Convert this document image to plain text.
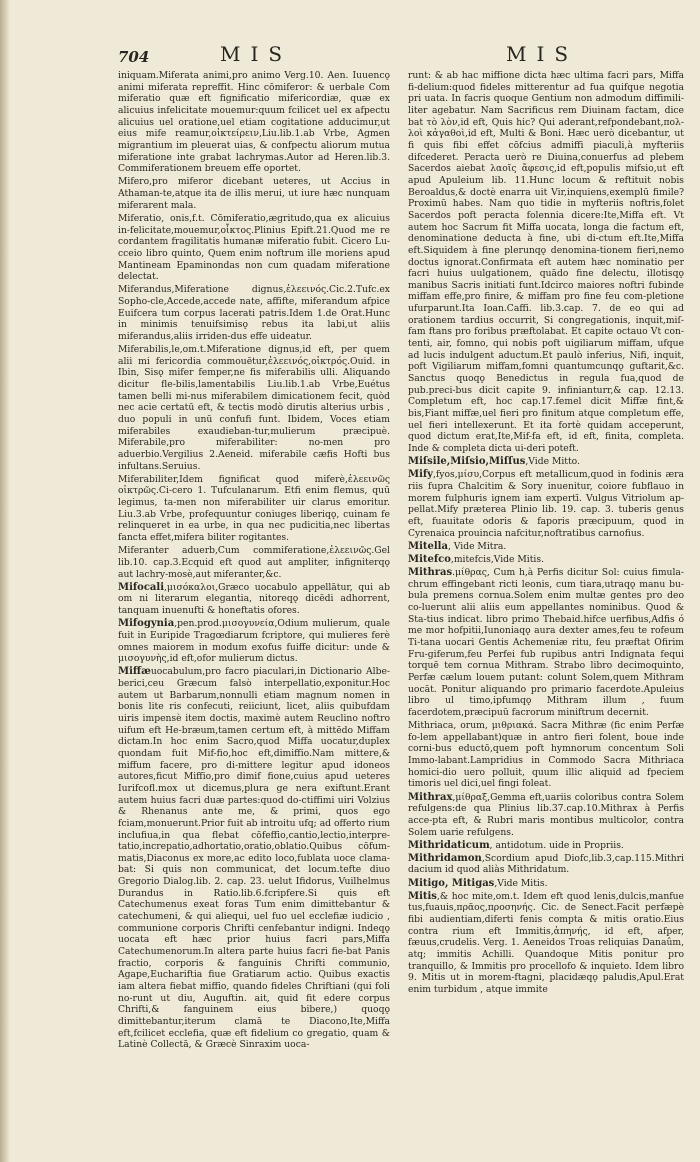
704	MIS	MIS

iniquam.Miferata animi,pro animo Verg.10. Aen. Iuuencǫ animi miferata repreffit. Hinc cōmiferor: & uerbale Com miferatio quæ eft fignificatio mifericordiæ, quæ ex alicuius infelicitate mouemur:quum fcilicet uel ex afpectu alicuius uel oratione,uel etiam cogitatione adducimur,ut eius mife reamur,οἰκτείρειν,Liu.lib.1.ab Vrbe, Agmen migrantium im pleuerat uias, & confpectu aliorum mutua miferatione inte grabat lachrymas.Autor ad Heren.lib.3. Commiferationem breuem effe oportet.

Mifero,pro miferor dicebant ueteres, ut Accius in Athaman-te,atque ita de illis merui, ut iure hæc nunquam miferarent mala.

Miferatio, onis,f.t. Cōmiferatio,ægritudo,qua ex alicuius in-felicitate,mouemur,οἶκτος.Plinius Epift.21.Quod me re cordantem fragilitatis humanæ miferatio fubit. Cicero Lu-cceio libro quinto, Quem enim noftrum ille moriens apud Mantineam Epaminondas non cum quadam miferatione delectat.

Miferandus,Miferatione dignus,ἐλεεινός.Cic.2.Tufc.ex Sopho-cle,Accede,accede nate, affifte, miferandum afpice Euifcera tum corpus lacerati patris.Idem 1.de Orat.Hunc in minimis tenuifsimisǫ rebus ita labi,ut aliis miferandus,aliis irriden-dus effe uideatur.

Miferabilis,le,om.t.Miferatione dignus,id eft, per quem alii mi fericordia commouētur,ἐλεεινός,οἰκτρός.Ouid. in Ibin, Sisǫ mifer femper,ne fis miferabilis ulli. Aliquando dicitur fle-bilis,lamentabilis Liu.lib.1.ab Vrbe,Euétus tamen belli mi-nus miferabilem dimicationem fecit, quòd nec acie certatū eft, & tectis modò dirutis alterius urbis , duo populi in unū confufi funt. Ibidem, Voces etiam miferabiles exaudieban-tur,mulierum præcipuè. Miferabile,pro miferabiliter: no-men pro aduerbio.Vergilius 2.Aeneid. miferabile cæfis Hofti bus infultans.Seruius.

Miferabiliter,Idem fignificat quod miferè,ἐλεεινῶς οἰκτρῶς.Ci-cero 1. Tufculanarum. Etfi enim flemus, quū legimus, ta-men non miferabiliter uir clarus emoritur. Liu.3.ab Vrbe, profequuntur coniuges liberiqǫ, cuinam fe relinqueret in ea urbe, in qua nec pudicitia,nec libertas fancta effet,mifera biliter rogitantes.

Miferanter aduerb,Cum commiferatione,ἐλεεινῶς.Gel lib.10. cap.3.Ecquid eft quod aut ampliter, infigniterqǫ aut lachry-mosè,aut miferanter,&c.

Mifocali,μισόκαλοι,Græco uocabulo appellātur, qui ab om ni literarum elegantia, nitoreqǫ dicēdi adhorrent, tanquam inuenufti & honeftatis ofores.

Mifogynia,pen.prod.μισογυνεία,Odium mulierum, quale fuit in Euripide Tragœdiarum fcriptore, qui mulieres ferè omnes maiorem in modum exofus fuiffe dicitur: unde & μισογυνὴς,id eft,ofor mulierum dictus.

Miffæuocabulum,pro facro piaculari,in Dictionario Albe-berici,ceu Græcum falsò interpellatio,exponitur.Hoc autem ut Barbarum,nonnulli etiam magnum nomen in bonis lite ris confecuti, reiiciunt, licet, aliis quibufdam uiris impensè item doctis, maximè autem Reuclino noftro uifum eft He-bræum,tamen certum eft, à mittēdo Miffam dictam.In hoc enim Sacro,quod Miffa uocatur,duplex quondam fuit Mif-fio,hoc eft,dimiffio.Nam mittere,& miffum facere, pro di-mittere legitur apud idoneos autores,ficut Miffio,pro dimif fione,cuius apud ueteres Iurifcofl.mox ut dicemus,plura ge nera exiftunt.Erant autem huius facri duæ partes:quod do-ctiffimi uiri Volzius & Rhenanus ante me, & primi, quos ego fciam,monuerunt.Prior fuit ab introitu ufq; ad offerto rium inclufiua,in qua flebat cōfeffio,cantio,lectio,interpre-tatio,increpatio,adhortatio,oratio,oblatio.Quibus cōfum-matis,Diaconus ex more,ac edito loco,fublata uoce clama-bat: Si quis non communicat, det locum.tefte diuo Gregorio Dialog.lib. 2. cap. 23. uelut Ifidorus, Vuilhelmus Durandus in Ratio.lib.6.fcripfere.Si quis eft Catechumenus exeat foras Tum enim dimittebantur & catechumeni, & qui aliequi, uel fuo uel ecclefiæ iudicio , communione corporis Chrifti cenfebantur indigni. Indeqǫ uocata eft hæc prior huius facri pars,Miffa Catechumenorum.In altera parte huius facri fie-bat Panis fractio, corporis & fanguinis Chrifti communio, Agape,Euchariftia fiue Gratiarum actio. Quibus exactis iam altera fiebat miffio, quando fideles Chriftiani (qui foli no-runt ut diu, Auguftin. ait, quid fit edere corpus Chrifti,& fanguinem eius bibere,) quoqǫ dimittebantur,iterum clamā te Diacono,Ite,Miffa eft,fcilicet ecclefia, quæ eft fidelium co gregatio, quam & Latinè Collectā, & Græcè Sinraxim uoca-

runt: & ab hac miffione dicta hæc ultima facri pars, Miffa fi-delium:quod fideles mitterentur ad fua quifque negotia pri uata. In facris quoque Gentium non admodum diffimili-liter agebatur. Nam Sacrificus rem Diuinam factam, dice bat τὸ λὸν,id eft, Quis hic? Qui aderant,refpondebant,πολ-λοὶ κἀγαθοὶ,id eft, Multi & Boni. Hæc uerò dicebantur, ut fi quis fibi effet cōfcius admiffi piaculi,à myfteriis difcederet. Peracta uerò re Diuina,conuerfus ad plebem Sacerdos aiebat λαοῖς ἄφεσις,id eft,populis mifsio,ut eft apud Apuleium lib. 11.Hunc locum & reftituit nobis Beroaldus,& doctè enarra uit Vir,inquiens,exemplū fimile? Proximū habes. Nam quo tidie in myfteriis noftris,folet Sacerdos poft peracta folennia dicere:Ite,Miffa eft. Vt autem hoc Sacrum fit Miffa uocata, longa die factum eft, denominatione deducta à fine, ubi di-ctum eft.Ite,Miffa eft.Siquidem à fine plerunqǫ denomina-tionem fieri,nemo doctus ignorat.Confirmata eft autem hæc nominatio per facri huius uulgationem, quādo fine delectu, illotisqǫ manibus Sacris initiati funt.Idcirco maiores noftri fubinde miffam effe,pro finire, & miffam pro fine feu com-pletione ufurparunt.Ita Ioan.Caffi. lib.3.cap. 7. de eo qui ad orationem tardius occurrit, Si congregationis, inquit,miſ-fam ftans pro foribus præftolabat. Et capite octauo Vt con-tenti, air, fomno, qui nobis poft uigiliarum miffam, ufque ad lucis indulgent aductum.Et paulò inferius, Nifi, inquit, poft Vigiliarum miffam,fomni quantumcunqǫ guftarit,&c. Sanctus quoqǫ Benedictus in regula fua,quod de pub.preci-bus dicit capite 9. infinianturr,& cap. 12.13. Completum eft, hoc cap.17.femel dicit Miffæ fint,& bis,Fiant miffæ,uel fieri pro finitum atque completum effe, uel fieri intellexerunt. Et ita fortè quidam acceperunt, quod dictum erat,Ite,Mif-fa eft, id eft, finita, completa. Inde & completa dicta ui-deri poteft.

Miſsile,Miſsio,Miſſus,Vide Mitto.

Mify,fyos,μίσυ,Corpus eft metallicum,quod in fodinis æra riis fupra Chalcitim & Sory inuenitur, coiore fubflauo in morem fulphuris ignem iam expertī. Vulgus Vitriolum ap-pellat.Mify præterea Plinio lib. 19. cap. 3. tuberis genus eft, fuauitate odoris & faporis præcipuum, quod in Cyrenaica prouincia nafcitur,noftratibus carnofius.

Mitella, Vide Mitra.

Mitefco,mitefcis,Vide Mitis.

Mithras.μίθρας, Cum h,à Perfis dicitur Sol: cuius fimula-chrum effingebant ricti leonis, cum tiara,utraqǫ manu bu-bula premens cornua.Solem enim multæ gentes pro deo co-luerunt alii aliis eum appellantes nominibus. Quod & Sta-tius indicat. libro primo Thebaid.hifce uerfibus,Adfis ó me mor hofpitii,Iunoniaqǫ aura dexter ames,feu te rofeum Ti-tana uocari Gentis Achemeniæ ritu, feu præftat Ofirim Fru-giferum,feu Perfei fub rupibus antri Indignata fequi torquē tem cornua Mithram. Strabo libro decimoquinto, Perfæ cælum louem putant: colunt Solem,quem Mithram uocāt. Ponitur aliquando pro primario facerdote.Apuleius libro ul timo,ipfumqǫ Mithram illum , fuum facerdotem,præcipuū facrorum miniftrum decernit.

Mithriaca, orum, μιθριακά. Sacra Mithræ (fic enim Perfæ fo-lem appellabant)quæ in antro fieri folent, boue inde corni-bus eductō,quem poft hymnorum concentum Soli Immo-labant.Lampridius in Commodo Sacra Mithriaca homici-dio uero polluit, quum illic aliquid ad fpeciem timoris uel dici,uel fingi foleat.

Mithrax,μίθραξ,Gemma eft,uariis coloribus contra Solem refulgens:de qua Plinius lib.37.cap.10.Mithrax à Perfis acce-pta eft, & Rubri maris montibus multicolor, contra Solem uarie refulgens.

Mithridaticum, antidotum. uide in Propriis.

Mithridamon,Scordium apud Diofc,lib.3,cap.115.Mithri dacium id quod aliàs Mithridatum.

Mitigo, Mitigas,Vide Mitis.

Mitis,& hoc mite,om.t. Idem eft quod lenis,dulcis,manfue tus,fuauis,πρᾶος,προσηνής. Cic. de Senect.Facit perfæpè fibi audientiam,diferti fenis compta & mitis oratio.Eius contra rium eft Immitis,ἀπηνής, id eft, afper, fæuus,crudelis. Verg. 1. Aeneidos Troas reliquias Danaûm, atq; immitis Achilli. Quandoque Mitis ponitur pro tranquillo, & Immitis pro procellofo & inquieto. Idem libro 9. Mitis ut in morem-ftagni, placidæqǫ paludis,Apul.Erat enim turbidum , atque immite
